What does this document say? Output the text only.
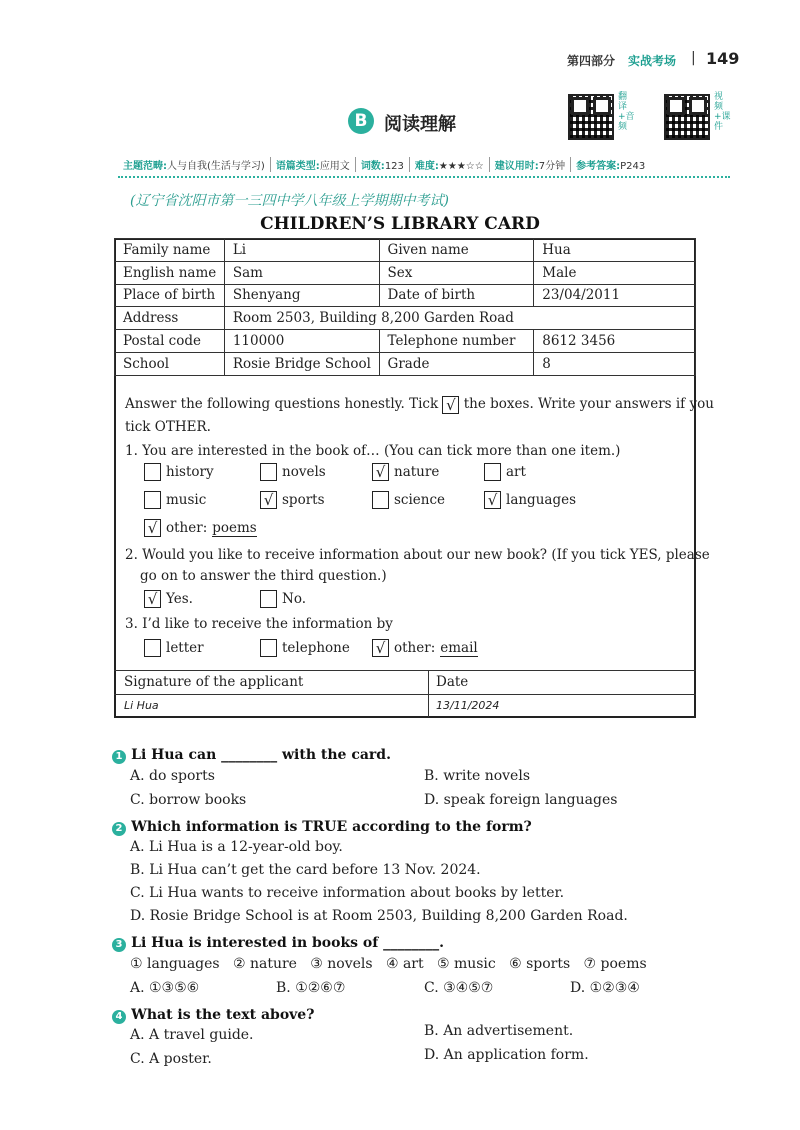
第四部分 实战考场 | 149
B 阅读理解
翻译+音频
视频+课件
主题范畴:人与自我(生活与学习)	语篇类型:应用文	词数:123	难度:★★★☆☆	建议用时:7分钟	参考答案:P243
(辽宁省沈阳市第一三四中学八年级上学期期中考试)
CHILDREN’S LIBRARY CARD
Family name	Li	Given name	Hua
English name	Sam	Sex	Male
Place of birth	Shenyang	Date of birth	23/04/2011
Address	Room 2503, Building 8,200 Garden Road		
Postal code	110000	Telephone number	8612 3456
School	Rosie Bridge School	Grade	8
Answer the following questions honestly. Tick √ the boxes. Write your answers if you
tick OTHER.
1. You are interested in the book of… (You can tick more than one item.)
history	novels	√ nature	art
music	√ sports	science	√ languages
√ other: poems
2. Would you like to receive information about our new book? (If you tick YES, please
go on to answer the third question.)
√ Yes.	No.
3. I’d like to receive the information by
letter	telephone √ other: email
Signature of the applicant	Date
Li Hua	13/11/2024
1 Li Hua can ________ with the card.
A. do sports	B. write novels
C. borrow books	D. speak foreign languages
2 Which information is TRUE according to the form?
A. Li Hua is a 12-year-old boy.
B. Li Hua can’t get the card before 13 Nov. 2024.
C. Li Hua wants to receive information about books by letter.
D. Rosie Bridge School is at Room 2503, Building 8,200 Garden Road.
3 Li Hua is interested in books of ________.
① languages   ② nature   ③ novels   ④ art   ⑤ music   ⑥ sports   ⑦ poems
A. ①③⑤⑥	B. ①②⑥⑦	C. ③④⑤⑦	D. ①②③④
4 What is the text above?
A. A travel guide.	B. An advertisement.
C. A poster.	D. An application form.
